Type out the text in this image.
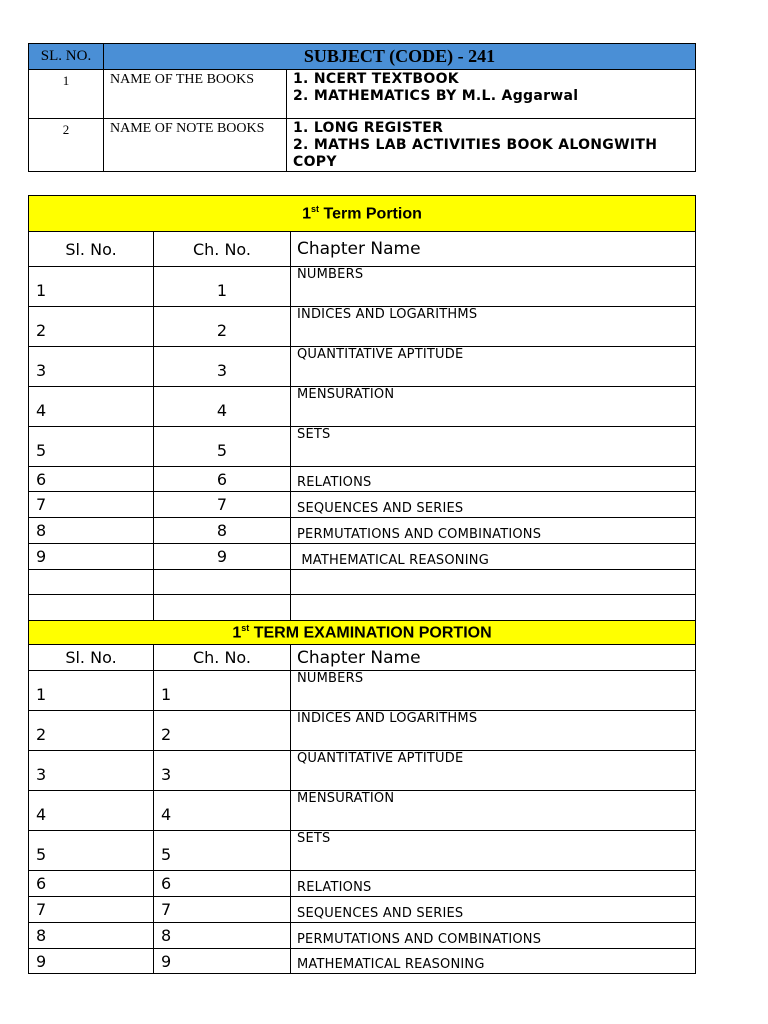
SL. NO.	SUBJECT (CODE) - 241	
1	NAME OF THE BOOKS	1. NCERT TEXTBOOK
2. MATHEMATICS BY M.L. Aggarwal

2	NAME OF NOTE BOOKS	1. LONG REGISTER
2. MATHS LAB ACTIVITIES BOOK ALONGWITH COPY
1st Term Portion		
Sl. No.	Ch. No.	Chapter Name
1	1	NUMBERS
2	2	INDICES AND LOGARITHMS
3	3	QUANTITATIVE APTITUDE
4	4	MENSURATION
5	5	SETS
6	6	RELATIONS
7	7	SEQUENCES AND SERIES
8	8	PERMUTATIONS AND COMBINATIONS
9	9	MATHEMATICAL REASONING

1st TERM EXAMINATION PORTION		
Sl. No.	Ch. No.	Chapter Name
1	1	NUMBERS
2	2	INDICES AND LOGARITHMS
3	3	QUANTITATIVE APTITUDE
4	4	MENSURATION
5	5	SETS
6	6	RELATIONS
7	7	SEQUENCES AND SERIES
8	8	PERMUTATIONS AND COMBINATIONS
9	9	MATHEMATICAL REASONING
